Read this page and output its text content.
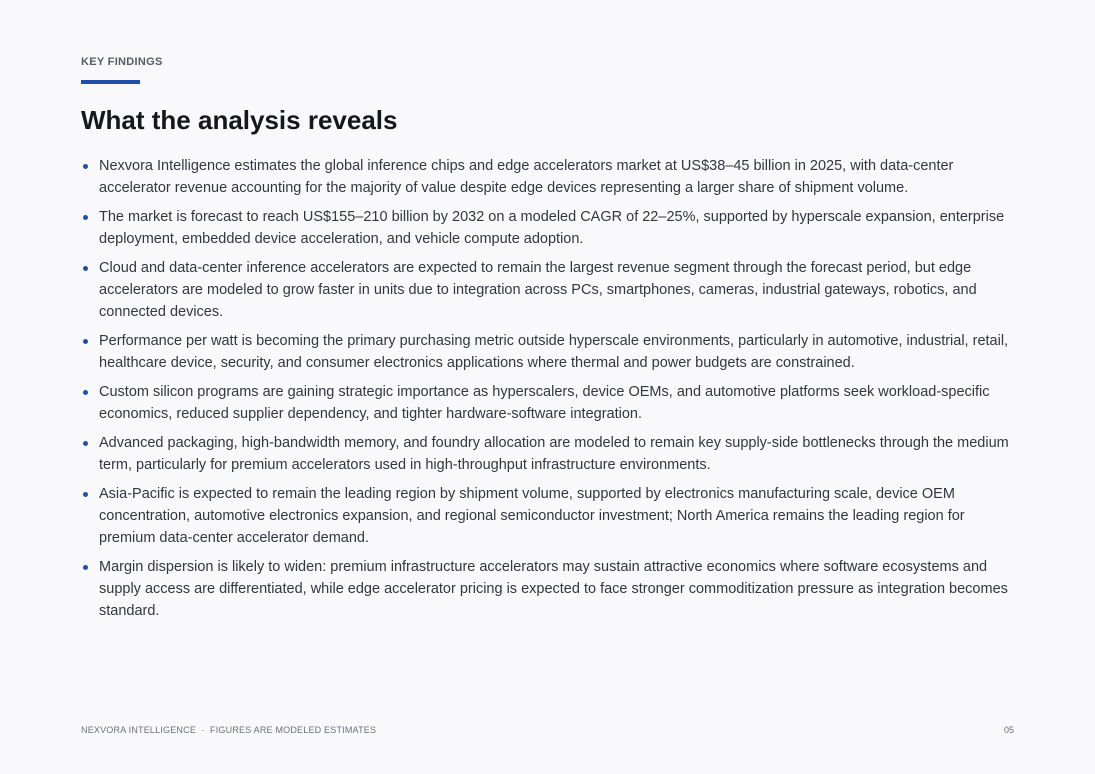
KEY FINDINGS
What the analysis reveals
Nexvora Intelligence estimates the global inference chips and edge accelerators market at US$38–45 billion in 2025, with data-center accelerator revenue accounting for the majority of value despite edge devices representing a larger share of shipment volume.
The market is forecast to reach US$155–210 billion by 2032 on a modeled CAGR of 22–25%, supported by hyperscale expansion, enterprise deployment, embedded device acceleration, and vehicle compute adoption.
Cloud and data-center inference accelerators are expected to remain the largest revenue segment through the forecast period, but edge accelerators are modeled to grow faster in units due to integration across PCs, smartphones, cameras, industrial gateways, robotics, and connected devices.
Performance per watt is becoming the primary purchasing metric outside hyperscale environments, particularly in automotive, industrial, retail, healthcare device, security, and consumer electronics applications where thermal and power budgets are constrained.
Custom silicon programs are gaining strategic importance as hyperscalers, device OEMs, and automotive platforms seek workload-specific economics, reduced supplier dependency, and tighter hardware-software integration.
Advanced packaging, high-bandwidth memory, and foundry allocation are modeled to remain key supply-side bottlenecks through the medium term, particularly for premium accelerators used in high-throughput infrastructure environments.
Asia-Pacific is expected to remain the leading region by shipment volume, supported by electronics manufacturing scale, device OEM concentration, automotive electronics expansion, and regional semiconductor investment; North America remains the leading region for premium data-center accelerator demand.
Margin dispersion is likely to widen: premium infrastructure accelerators may sustain attractive economics where software ecosystems and supply access are differentiated, while edge accelerator pricing is expected to face stronger commoditization pressure as integration becomes standard.
NEXVORA INTELLIGENCE  ·  FIGURES ARE MODELED ESTIMATES	05
